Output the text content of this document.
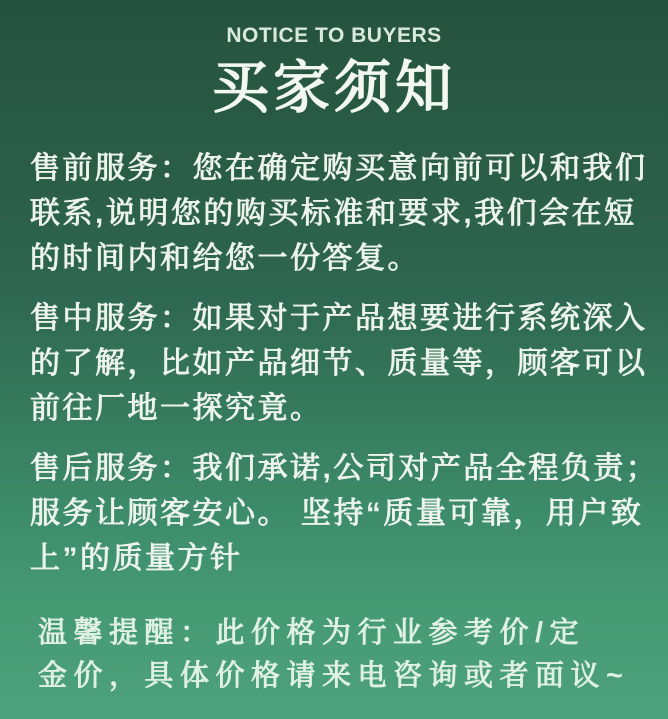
NOTICE TO BUYERS
买家须知
售前服务：您在确定购买意向前可以和我们
联系,说明您的购买标准和要求,我们会在短
的时间内和给您一份答复。
售中服务：如果对于产品想要进行系统深入
的了解，比如产品细节、质量等，顾客可以
前往厂地一探究竟。
售后服务：我们承诺,公司对产品全程负责；
服务让顾客安心。 坚持“质量可靠，用户致
上”的质量方针
温馨提醒：此价格为行业参考价/定
金价，具体价格请来电咨询或者面议~
